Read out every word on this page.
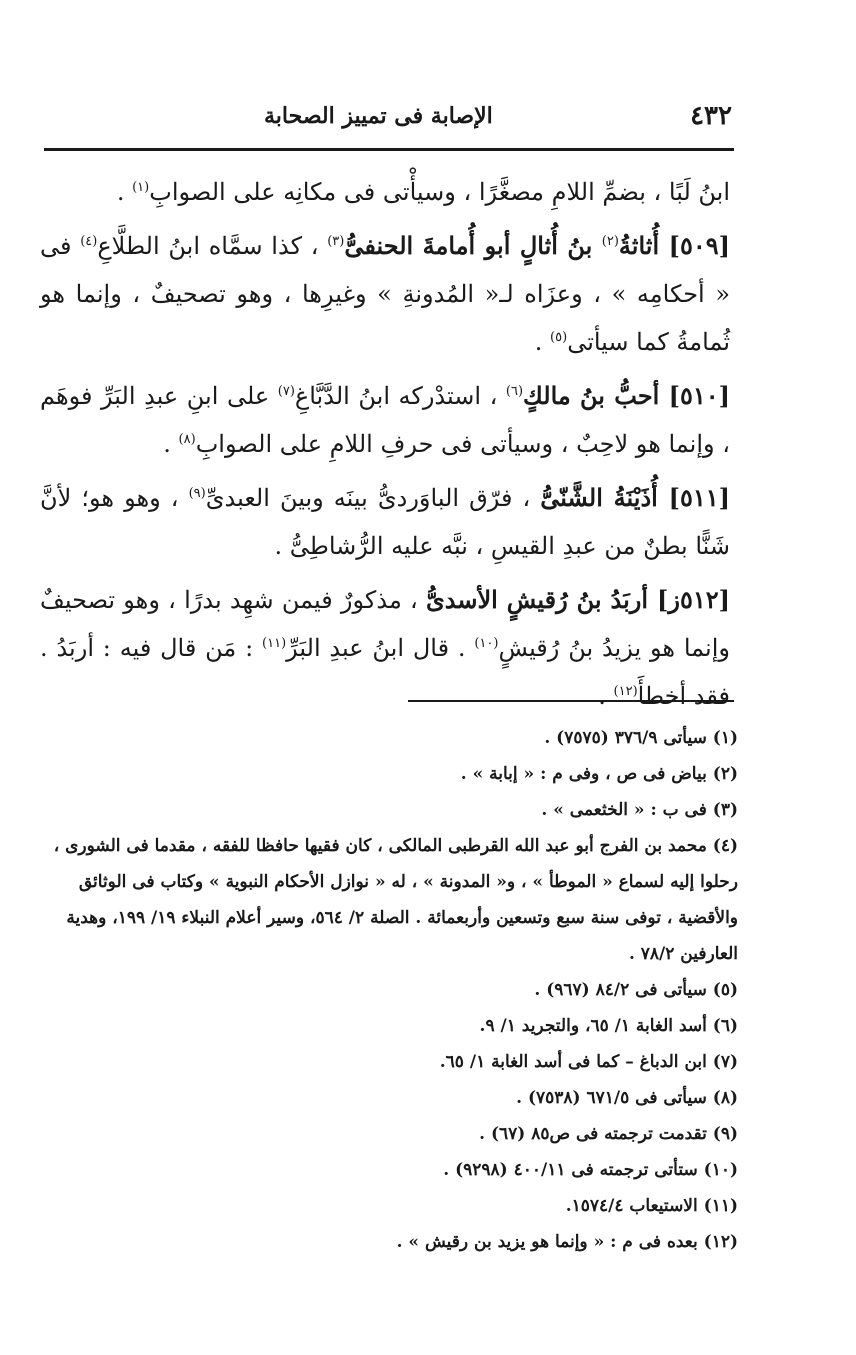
٤٣٢
الإصابة فى تمييز الصحابة

ابنُ لَبًا ، بضمِّ اللامِ مصغَّرًا ، وسيأْتى فى مكانِه على الصوابِ$^{(١)}$ .

[٥٠٩] أُثاثةُ$^{(٢)}$ بنُ أُثالٍ أبو أُمامةَ الحنفىُّ$^{(٣)}$ ، كذا سمَّاه ابنُ الطلَّاعِ$^{(٤)}$ فى « أحكامِه » ، وعزَاه لـ« المُدونةِ » وغيرِها ، وهو تصحيفٌ ، وإنما هو ثُمامةُ كما سيأتى$^{(٥)}$ .

[٥١٠] أحبُّ بنُ مالكٍ$^{(٦)}$ ، استدْركه ابنُ الدَّبَّاغِ$^{(٧)}$ على ابنِ عبدِ البَرِّ فوهَم ، وإنما هو لاحِبٌ ، وسيأتى فى حرفِ اللامِ على الصوابِ$^{(٨)}$ .

[٥١١] أُذَيْنَةُ الشَّنّىُّ ، فرّق الباوَردىُّ بينَه وبينَ العبدىِّ$^{(٩)}$ ، وهو هو؛ لأنَّ شَنًّا بطنٌ من عبدِ القيسِ ، نبَّه عليه الرُّشاطِىُّ .

[٥١٢ز] أربَدُ بنُ رُقيشٍ الأسدىُّ ، مذكورٌ فيمن شهِد بدرًا ، وهو تصحيفٌ وإنما هو يزيدُ بنُ رُقيشٍ$^{(١٠)}$ . قال ابنُ عبدِ البَرِّ$^{(١١)}$ : مَن قال فيه : أربَدُ . فقد أخطأَ$^{(١٢)}$ .

(١) سيأتى ٣٧٦/٩ (٧٥٧٥) .

(٢) بياض فى ص ، وفى م : « إبابة » .

(٣) فى ب : « الخثعمى » .

(٤) محمد بن الفرج أبو عبد الله القرطبى المالكى ، كان فقيها حافظا للفقه ، مقدما فى الشورى ، رحلوا إليه لسماع « الموطأ » ، و« المدونة » ، له « نوازل الأحكام النبوية » وكتاب فى الوثائق والأقضية ، توفى سنة سبع وتسعين وأربعمائة . الصلة ٢/ ٥٦٤، وسير أعلام النبلاء ١٩/ ١٩٩، وهدية العارفين ٧٨/٢ .

(٥) سيأتى فى ٨٤/٢ (٩٦٧) .

(٦) أسد الغابة ١/ ٦٥، والتجريد ١/ ٩.

(٧) ابن الدباغ – كما فى أسد الغابة ١/ ٦٥.

(٨) سيأتى فى ٦٧١/٥ (٧٥٣٨) .

(٩) تقدمت ترجمته فى ص٨٥ (٦٧) .

(١٠) ستأتى ترجمته فى ٤٠٠/١١ (٩٢٩٨) .

(١١) الاستيعاب ١٥٧٤/٤.

(١٢) بعده فى م : « وإنما هو يزيد بن رقيش » .
